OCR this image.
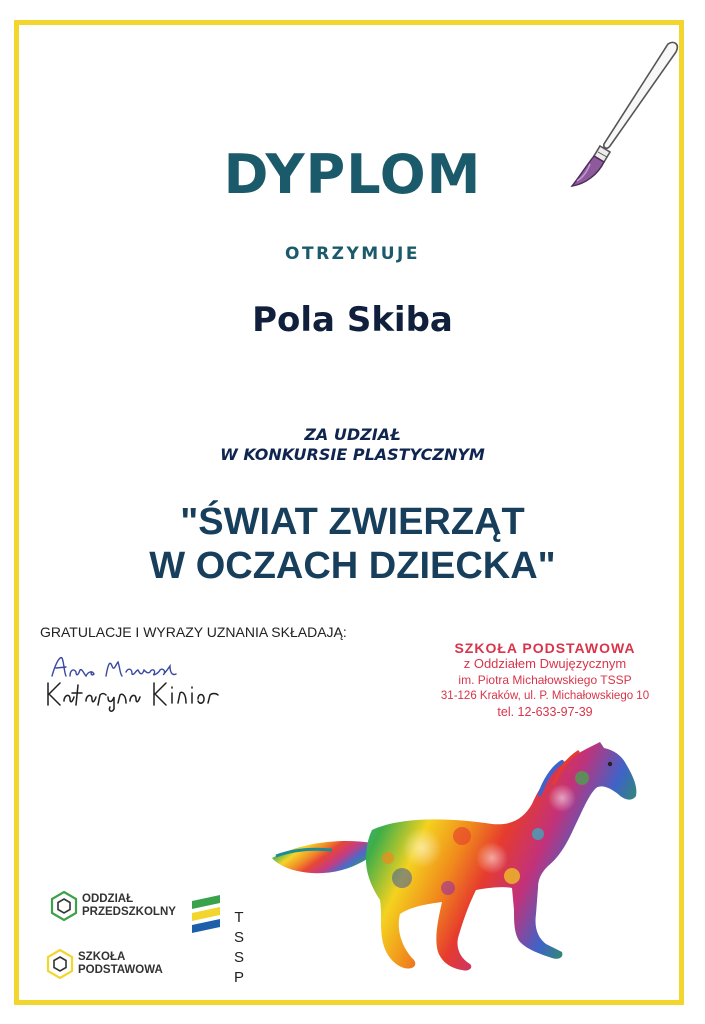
DYPLOM
OTRZYMUJE
Pola Skiba
ZA UDZIAŁ
W KONKURSIE PLASTYCZNYM
"ŚWIAT ZWIERZĄT
W OCZACH DZIECKA"
GRATULACJE I WYRAZY UZNANIA SKŁADAJĄ:
SZKOŁA PODSTAWOWA
z Oddziałem Dwujęzycznym
im. Piotra Michałowskiego TSSP
31-126 Kraków, ul. P. Michałowskiego 10
tel. 12-633-97-39
ODDZIAŁ
PRZEDSZKOLNY
SZKOŁA
PODSTAWOWA
T
S
S
P
